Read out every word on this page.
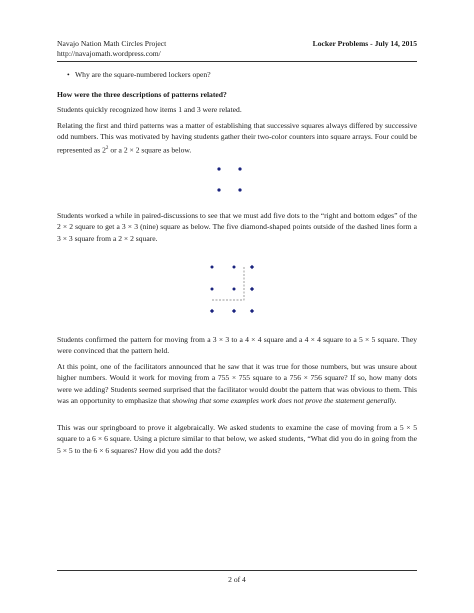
Navajo Nation Math Circles Project
http://navajomath.wordpress.com/
Locker Problems - July 14, 2015
• Why are the square-numbered lockers open?
How were the three descriptions of patterns related?
Students quickly recognized how items 1 and 3 were related.
Relating the first and third patterns was a matter of establishing that successive squares always differed by successive odd numbers. This was motivated by having students gather their two-color counters into square arrays. Four could be represented as $2^2$ or a 2 × 2 square as below.
Students worked a while in paired-discussions to see that we must add five dots to the “right and bottom edges” of the 2 × 2 square to get a 3 × 3 (nine) square as below. The five diamond-shaped points outside of the dashed lines form a 3 × 3 square from a 2 × 2 square.
Students confirmed the pattern for moving from a 3 × 3 to a 4 × 4 square and a 4 × 4 square to a 5 × 5 square. They were convinced that the pattern held.
At this point, one of the facilitators announced that he saw that it was true for those numbers, but was unsure about higher numbers. Would it work for moving from a 755 × 755 square to a 756 × 756 square? If so, how many dots were we adding? Students seemed surprised that the facilitator would doubt the pattern that was obvious to them. This was an opportunity to emphasize that showing that some examples work does not prove the statement generally.
This was our springboard to prove it algebraically. We asked students to examine the case of moving from a 5 × 5 square to a 6 × 6 square. Using a picture similar to that below, we asked students, “What did you do in going from the 5 × 5 to the 6 × 6 squares? How did you add the dots?
2 of 4
